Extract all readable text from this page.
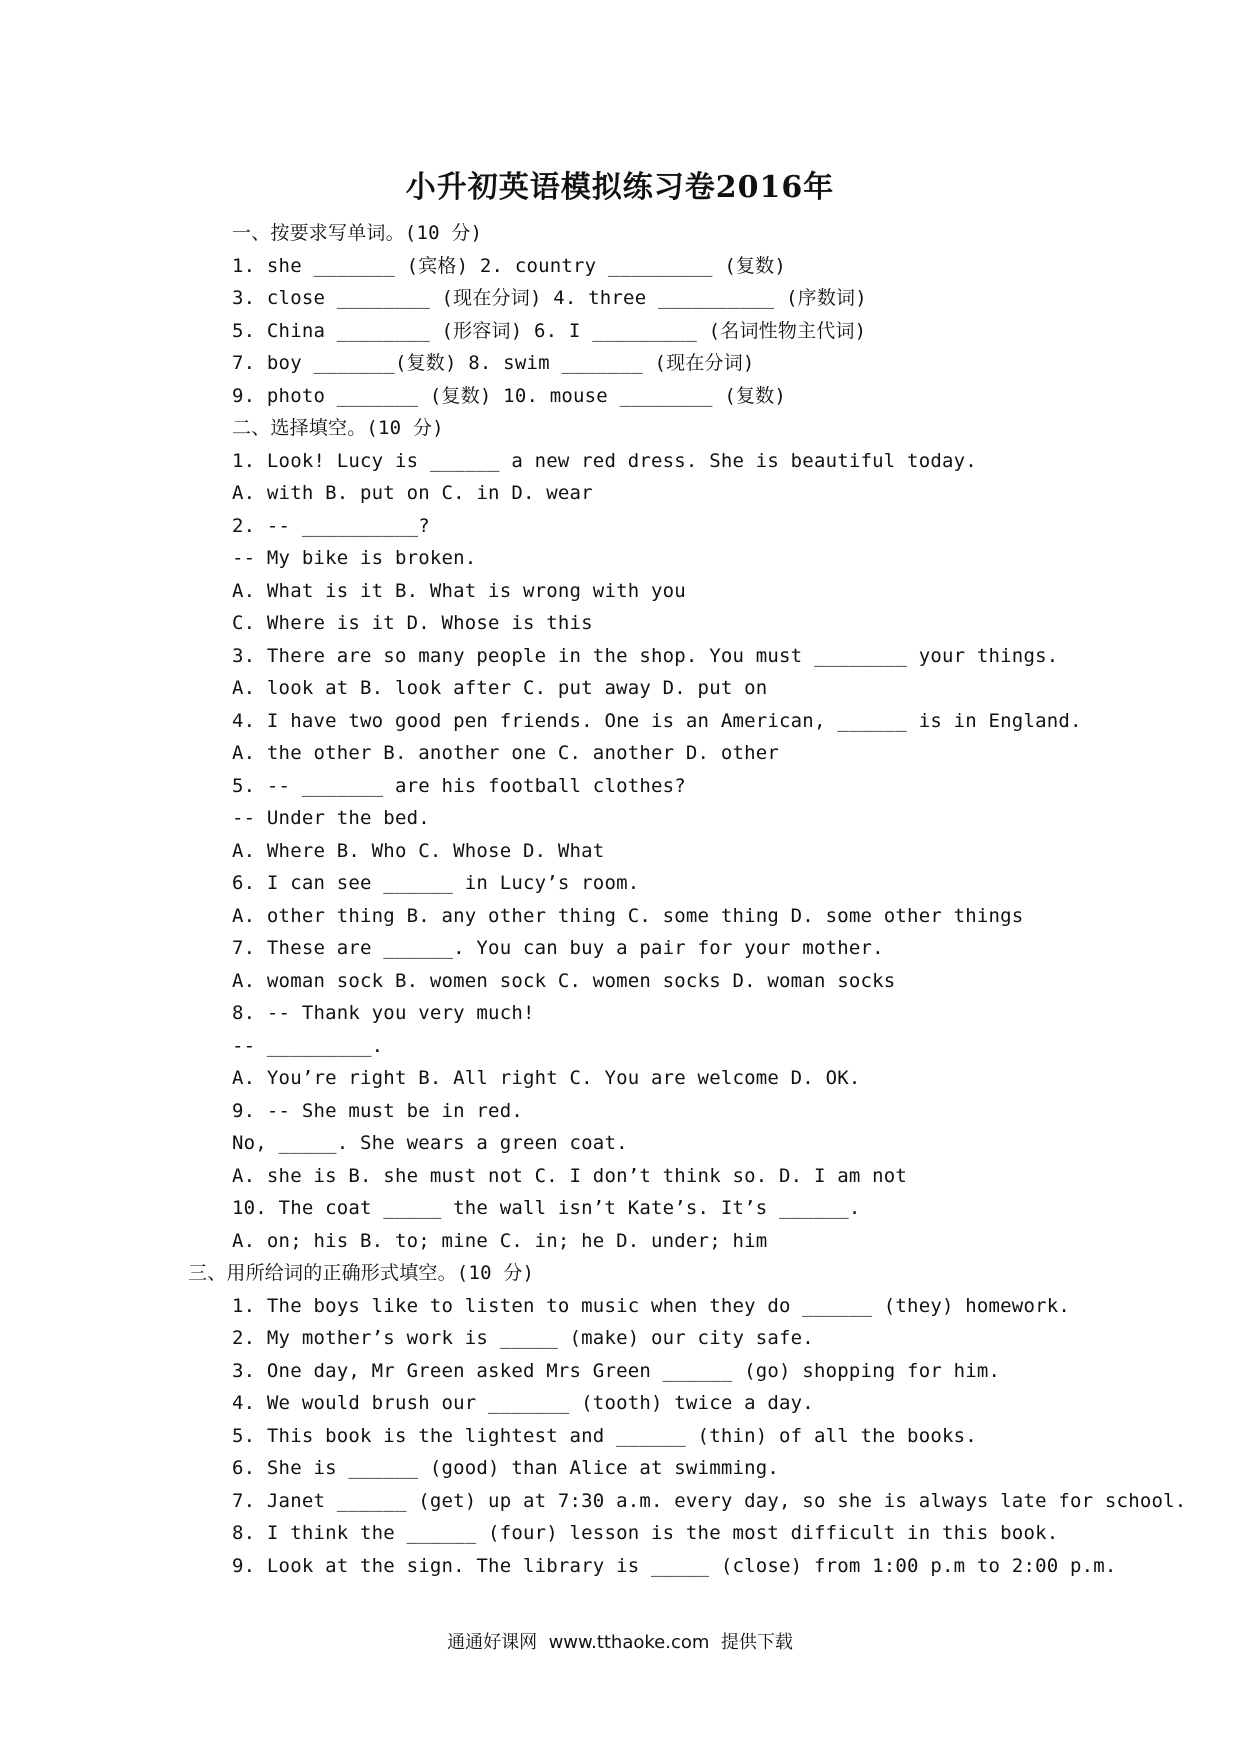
小升初英语模拟练习卷2016年
一、按要求写单词。(10 分)
1. she _______ (宾格) 2. country _________ (复数)
3. close ________ (现在分词) 4. three __________ (序数词)
5. China ________ (形容词) 6. I _________ (名词性物主代词)
7. boy _______(复数) 8. swim _______ (现在分词)
9. photo _______ (复数) 10. mouse ________ (复数)
二、选择填空。(10 分)
1. Look! Lucy is ______ a new red dress. She is beautiful today.
A. with B. put on C. in D. wear
2. -- __________?
-- My bike is broken.
A. What is it B. What is wrong with you
C. Where is it D. Whose is this
3. There are so many people in the shop. You must ________ your things.
A. look at B. look after C. put away D. put on
4. I have two good pen friends. One is an American, ______ is in England.
A. the other B. another one C. another D. other
5. -- _______ are his football clothes?
-- Under the bed.
A. Where B. Who C. Whose D. What
6. I can see ______ in Lucy’s room.
A. other thing B. any other thing C. some thing D. some other things
7. These are ______. You can buy a pair for your mother.
A. woman sock B. women sock C. women socks D. woman socks
8. -- Thank you very much!
-- _________.
A. You’re right B. All right C. You are welcome D. OK.
9. -- She must be in red.
No, _____. She wears a green coat.
A. she is B. she must not C. I don’t think so. D. I am not
10. The coat _____ the wall isn’t Kate’s. It’s ______.
A. on; his B. to; mine C. in; he D. under; him
三、用所给词的正确形式填空。(10 分)
1. The boys like to listen to music when they do ______ (they) homework.
2. My mother’s work is _____ (make) our city safe.
3. One day, Mr Green asked Mrs Green ______ (go) shopping for him.
4. We would brush our _______ (tooth) twice a day.
5. This book is the lightest and ______ (thin) of all the books.
6. She is ______ (good) than Alice at swimming.
7. Janet ______ (get) up at 7:30 a.m. every day, so she is always late for school.
8. I think the ______ (four) lesson is the most difficult in this book.
9. Look at the sign. The library is _____ (close) from 1:00 p.m to 2:00 p.m.
通通好课网  www.tthaoke.com  提供下载
